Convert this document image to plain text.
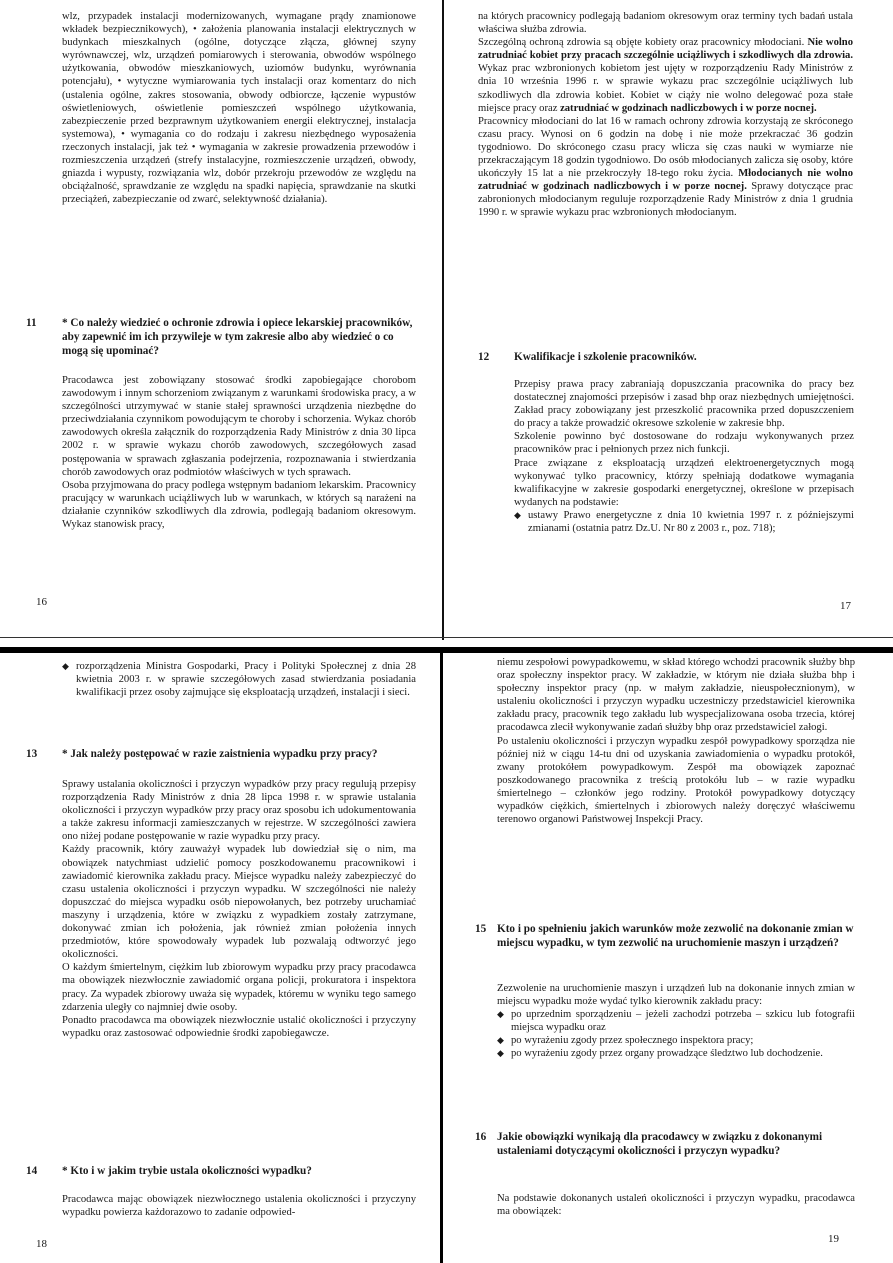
wlz, przypadek instalacji modernizowanych, wymagane prądy znamionowe wkładek bezpiecznikowych), • założenia planowania instalacji elektrycznych w budynkach mieszkalnych (ogólne, dotyczące złącza, głównej szyny wyrównawczej, wlz, urządzeń pomiarowych i sterowania, obwodów wspólnego użytkowania, obwodów mieszkaniowych, uziomów budynku, wyrównania potencjału), • wytyczne wymiarowania tych instalacji oraz komentarz do nich (ustalenia ogólne, zakres stosowania, obwody odbiorcze, łączenie wypustów oświetleniowych, oświetlenie pomieszczeń wspólnego użytkowania, zabezpieczenie przed bezprawnym użytkowaniem energii elektrycznej, instalacja systemowa), • wymagania co do rodzaju i zakresu niezbędnego wyposażenia rzeczonych instalacji, jak też • wymagania w zakresie prowadzenia przewodów i rozmieszczenia urządzeń (strefy instalacyjne, rozmieszczenie urządzeń, obwody, gniazda i wypusty, rozwiązania wlz, dobór przekroju przewodów ze względu na obciążalność, sprawdzanie ze względu na spadki napięcia, sprawdzanie na skutki przeciążeń, zabezpieczanie od zwarć, selektywność działania).

11 * Co należy wiedzieć o ochronie zdrowia i opiece lekarskiej pracowników, aby zapewnić im ich przywileje w tym zakresie albo aby wiedzieć o co mogą się upominać?

Pracodawca jest zobowiązany stosować środki zapobiegające chorobom zawodowym i innym schorzeniom związanym z warunkami środowiska pracy, a w szczególności utrzymywać w stanie stałej sprawności urządzenia niezbędne do przeciwdziałania czynnikom powodującym te choroby i schorzenia. Wykaz chorób zawodowych określa załącznik do rozporządzenia Rady Ministrów z dnia 30 lipca 2002 r. w sprawie wykazu chorób zawodowych, szczegółowych zasad postępowania w sprawach zgłaszania podejrzenia, rozpoznawania i stwierdzania chorób zawodowych oraz podmiotów właściwych w tych sprawach.

Osoba przyjmowana do pracy podlega wstępnym badaniom lekarskim. Pracownicy pracujący w warunkach uciążliwych lub w warunkach, w których są narażeni na działanie czynników szkodliwych dla zdrowia, podlegają badaniom okresowym. Wykaz stanowisk pracy,

16

na których pracownicy podlegają badaniom okresowym oraz terminy tych badań ustala właściwa służba zdrowia.

Szczególną ochroną zdrowia są objęte kobiety oraz pracownicy młodociani. Nie wolno zatrudniać kobiet przy pracach szczególnie uciążliwych i szkodliwych dla zdrowia. Wykaz prac wzbronionych kobietom jest ujęty w rozporządzeniu Rady Ministrów z dnia 10 września 1996 r. w sprawie wykazu prac szczególnie uciążliwych lub szkodliwych dla zdrowia kobiet. Kobiet w ciąży nie wolno delegować poza stałe miejsce pracy oraz zatrudniać w godzinach nadliczbowych i w porze nocnej.

Pracownicy młodociani do lat 16 w ramach ochrony zdrowia korzystają ze skróconego czasu pracy. Wynosi on 6 godzin na dobę i nie może przekraczać 36 godzin tygodniowo. Do skróconego czasu pracy wlicza się czas nauki w wymiarze nie przekraczającym 18 godzin tygodniowo. Do osób młodocianych zalicza się osoby, które ukończyły 15 lat a nie przekroczyły 18-tego roku życia. Młodocianych nie wolno zatrudniać w godzinach nadliczbowych i w porze nocnej. Sprawy dotyczące prac zabronionych młodocianym reguluje rozporządzenie Rady Ministrów z dnia 1 grudnia 1990 r. w sprawie wykazu prac wzbronionych młodocianym.

12 Kwalifikacje i szkolenie pracowników.

Przepisy prawa pracy zabraniają dopuszczania pracownika do pracy bez dostatecznej znajomości przepisów i zasad bhp oraz niezbędnych umiejętności. Zakład pracy zobowiązany jest przeszkolić pracownika przed dopuszczeniem do pracy a także prowadzić okresowe szkolenie w zakresie bhp.

Szkolenie powinno być dostosowane do rodzaju wykonywanych przez pracowników prac i pełnionych przez nich funkcji.

Prace związane z eksploatacją urządzeń elektroenergetycznych mogą wykonywać tylko pracownicy, którzy spełniają dodatkowe wymagania kwalifikacyjne w zakresie gospodarki energetycznej, określone w przepisach wydanych na podstawie:

◆ ustawy Prawo energetyczne z dnia 10 kwietnia 1997 r. z późniejszymi zmianami (ostatnia patrz Dz.U. Nr 80 z 2003 r., poz. 718);

17

◆ rozporządzenia Ministra Gospodarki, Pracy i Polityki Społecznej z dnia 28 kwietnia 2003 r. w sprawie szczegółowych zasad stwierdzania posiadania kwalifikacji przez osoby zajmujące się eksploatacją urządzeń, instalacji i sieci.

13 * Jak należy postępować w razie zaistnienia wypadku przy pracy?

Sprawy ustalania okoliczności i przyczyn wypadków przy pracy regulują przepisy rozporządzenia Rady Ministrów z dnia 28 lipca 1998 r. w sprawie ustalania okoliczności i przyczyn wypadków przy pracy oraz sposobu ich udokumentowania a także zakresu informacji zamieszczanych w rejestrze. W szczególności zawiera ono niżej podane postępowanie w razie wypadku przy pracy.

Każdy pracownik, który zauważył wypadek lub dowiedział się o nim, ma obowiązek natychmiast udzielić pomocy poszkodowanemu pracownikowi i zawiadomić kierownika zakładu pracy. Miejsce wypadku należy zabezpieczyć do czasu ustalenia okoliczności i przyczyn wypadku. W szczególności nie należy dopuszczać do miejsca wypadku osób niepowołanych, bez potrzeby uruchamiać maszyny i urządzenia, które w związku z wypadkiem zostały zatrzymane, dokonywać zmian ich położenia, jak również zmian położenia innych przedmiotów, które spowodowały wypadek lub pozwalają odtworzyć jego okoliczności.

O każdym śmiertelnym, ciężkim lub zbiorowym wypadku przy pracy pracodawca ma obowiązek niezwłocznie zawiadomić organa policji, prokuratora i inspektora pracy. Za wypadek zbiorowy uważa się wypadek, któremu w wyniku tego samego zdarzenia uległy co najmniej dwie osoby.

Ponadto pracodawca ma obowiązek niezwłocznie ustalić okoliczności i przyczyny wypadku oraz zastosować odpowiednie środki zapobiegawcze.

14 * Kto i w jakim trybie ustala okoliczności wypadku?

Pracodawca mając obowiązek niezwłocznego ustalenia okoliczności i przyczyny wypadku powierza każdorazowo to zadanie odpowied-

18

niemu zespołowi powypadkowemu, w skład którego wchodzi pracownik służby bhp oraz społeczny inspektor pracy. W zakładzie, w którym nie działa służba bhp i społeczny inspektor pracy (np. w małym zakładzie, nieuspołecznionym), w ustaleniu okoliczności i przyczyn wypadku uczestniczy przedstawiciel kierownika zakładu pracy, pracownik tego zakładu lub wyspecjalizowana osoba trzecia, której pracodawca zlecił wykonywanie zadań służby bhp oraz przedstawiciel załogi.

Po ustaleniu okoliczności i przyczyn wypadku zespół powypadkowy sporządza nie później niż w ciągu 14-tu dni od uzyskania zawiadomienia o wypadku protokół, zwany protokółem powypadkowym. Zespół ma obowiązek zapoznać poszkodowanego pracownika z treścią protokółu lub – w razie wypadku śmiertelnego – członków jego rodziny. Protokół powypadkowy dotyczący wypadków ciężkich, śmiertelnych i zbiorowych należy doręczyć właściwemu terenowo organowi Państwowej Inspekcji Pracy.

15 Kto i po spełnieniu jakich warunków może zezwolić na dokonanie zmian w miejscu wypadku, w tym zezwolić na uruchomienie maszyn i urządzeń?

Zezwolenie na uruchomienie maszyn i urządzeń lub na dokonanie innych zmian w miejscu wypadku może wydać tylko kierownik zakładu pracy:

◆ po uprzednim sporządzeniu – jeżeli zachodzi potrzeba – szkicu lub fotografii miejsca wypadku oraz

◆ po wyrażeniu zgody przez społecznego inspektora pracy;

◆ po wyrażeniu zgody przez organy prowadzące śledztwo lub dochodzenie.

16 Jakie obowiązki wynikają dla pracodawcy w związku z dokonanymi ustaleniami dotyczącymi okoliczności i przyczyn wypadku?

Na podstawie dokonanych ustaleń okoliczności i przyczyn wypadku, pracodawca ma obowiązek:

19
